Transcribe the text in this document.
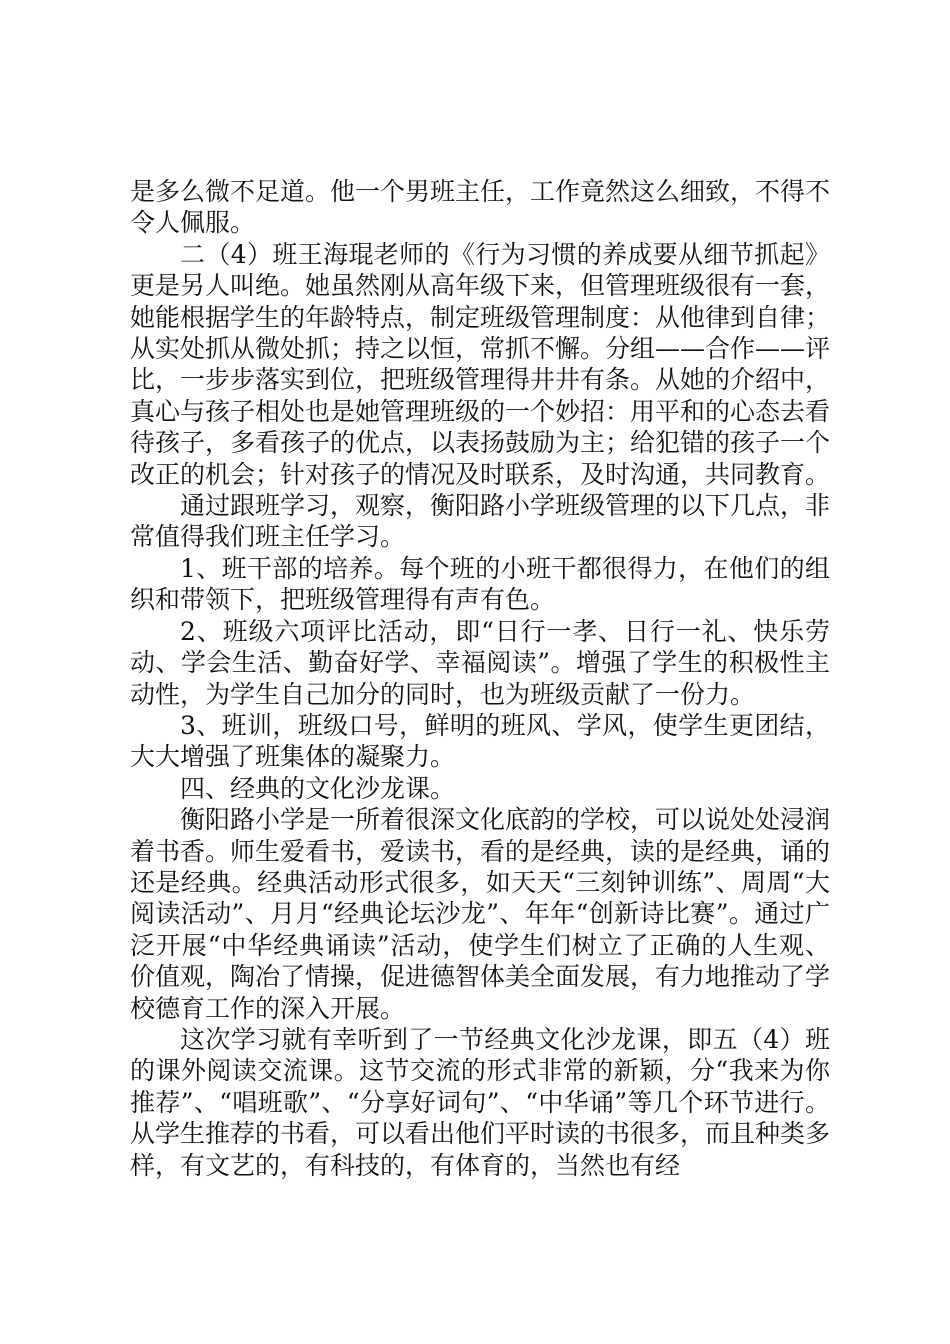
是多么微不足道。他一个男班主任，工作竟然这么细致，不得不令人佩服。

二（4）班王海琨老师的《行为习惯的养成要从细节抓起》更是另人叫绝。她虽然刚从高年级下来，但管理班级很有一套，她能根据学生的年龄特点，制定班级管理制度：从他律到自律；从实处抓从微处抓；持之以恒，常抓不懈。分组——合作——评比，一步步落实到位，把班级管理得井井有条。从她的介绍中，真心与孩子相处也是她管理班级的一个妙招：用平和的心态去看待孩子，多看孩子的优点，以表扬鼓励为主；给犯错的孩子一个改正的机会；针对孩子的情况及时联系，及时沟通，共同教育。

通过跟班学习，观察，衡阳路小学班级管理的以下几点，非常值得我们班主任学习。

1、班干部的培养。每个班的小班干都很得力，在他们的组织和带领下，把班级管理得有声有色。

2、班级六项评比活动，即“日行一孝、日行一礼、快乐劳动、学会生活、勤奋好学、幸福阅读”。增强了学生的积极性主动性，为学生自己加分的同时，也为班级贡献了一份力。

3、班训，班级口号，鲜明的班风、学风，使学生更团结，大大增强了班集体的凝聚力。

四、经典的文化沙龙课。

衡阳路小学是一所着很深文化底韵的学校，可以说处处浸润着书香。师生爱看书，爱读书，看的是经典，读的是经典，诵的还是经典。经典活动形式很多，如天天“三刻钟训练”、周周“大阅读活动”、月月“经典论坛沙龙”、年年“创新诗比赛”。通过广泛开展“中华经典诵读”活动，使学生们树立了正确的人生观、价值观，陶冶了情操，促进德智体美全面发展，有力地推动了学校德育工作的深入开展。

这次学习就有幸听到了一节经典文化沙龙课，即五（4）班的课外阅读交流课。这节交流的形式非常的新颖，分“我来为你推荐”、“唱班歌”、“分享好词句”、“中华诵”等几个环节进行。从学生推荐的书看，可以看出他们平时读的书很多，而且种类多样，有文艺的，有科技的，有体育的，当然也有经
